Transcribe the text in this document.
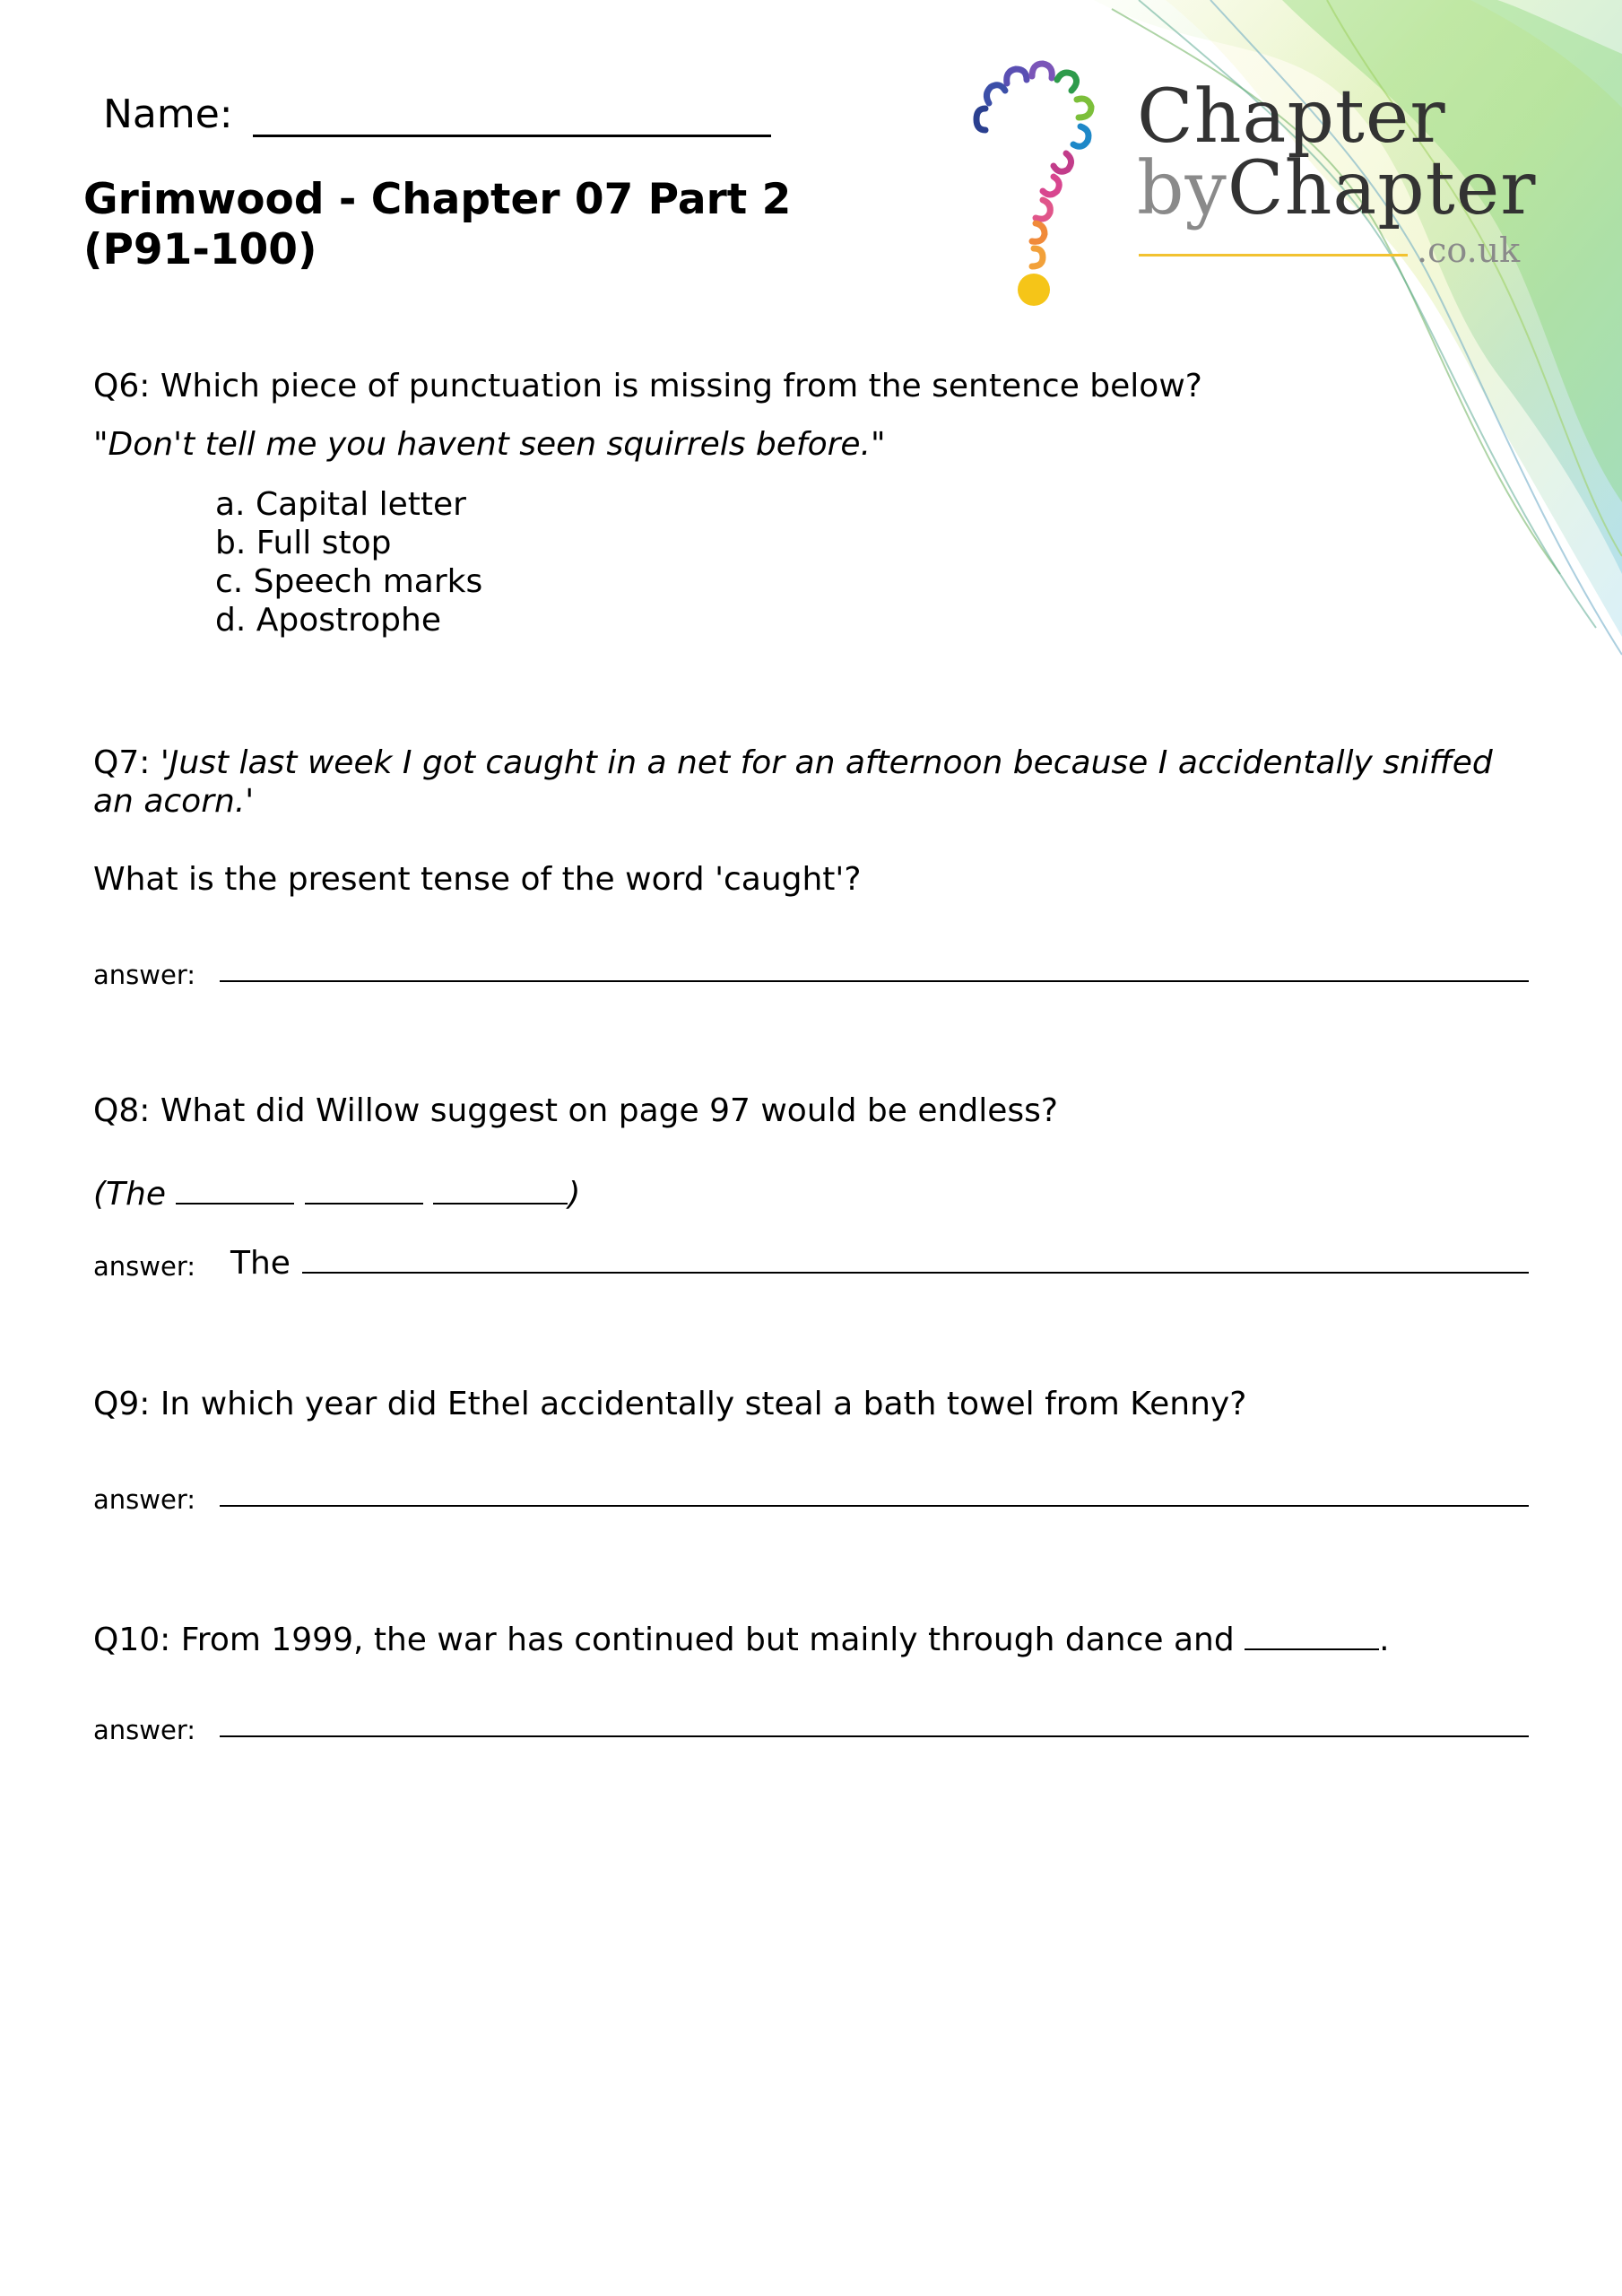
Name:
Grimwood - Chapter 07 Part 2
(P91-100)
Chapter
byChapter
.co.uk
Q6: Which piece of punctuation is missing from the sentence below?
"Don't tell me you havent seen squirrels before."
a. Capital letter
b. Full stop
c. Speech marks
d. Apostrophe
Q7: 'Just last week I got caught in a net for an afternoon because I accidentally sniffed
an acorn.'
What is the present tense of the word 'caught'?
answer:
Q8: What did Willow suggest on page 97 would be endless?
(The	)
answer: The
Q9: In which year did Ethel accidentally steal a bath towel from Kenny?
answer:
Q10: From 1999, the war has continued but mainly through dance and	.
answer:
